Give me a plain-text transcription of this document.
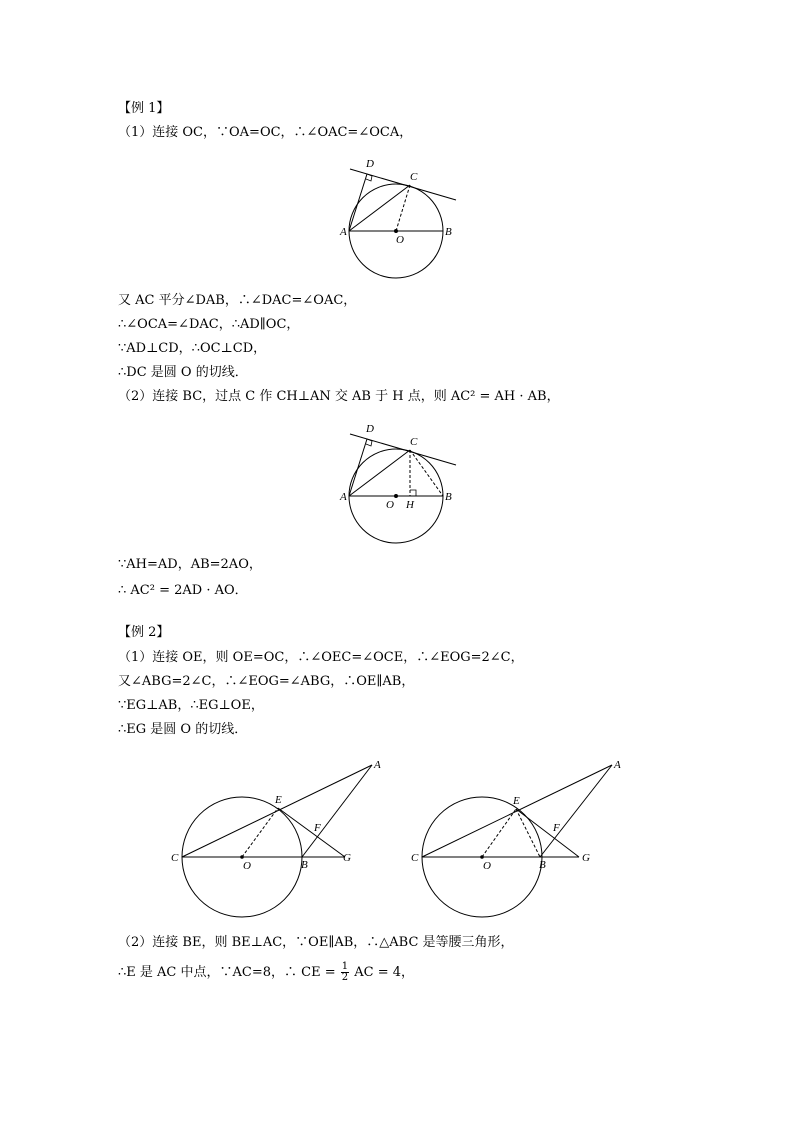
【例 1】
（1）连接 OC，∵OA=OC，∴∠OAC=∠OCA，
D
C
A	B
O
又 AC 平分∠DAB，∴∠DAC=∠OAC，
∴∠OCA=∠DAC，∴AD∥OC，
∵AD⊥CD，∴OC⊥CD，
∴DC 是圆 O 的切线．
（2）连接 BC，过点 C 作 CH⊥AN 交 AB 于 H 点，则 AC² = AH · AB，
D
C
A	B
O H
∵AH=AD，AB=2AO，
∴ AC² = 2AD · AO．
【例 2】
（1）连接 OE，则 OE=OC，∴∠OEC=∠OCE，∴∠EOG=2∠C，
又∠ABG=2∠C，∴∠EOG=∠ABG，∴OE∥AB，
∵EG⊥AB，∴EG⊥OE，
∴EG 是圆 O 的切线．
A
E
F
C
O	B
G
A
E
F
C
O	B
G
（2）连接 BE，则 BE⊥AC，∵OE∥AB，∴△ABC 是等腰三角形，
∴E 是 AC 中点，∵AC=8，∴ CE = $\frac{1}{2}$ AC = 4，
